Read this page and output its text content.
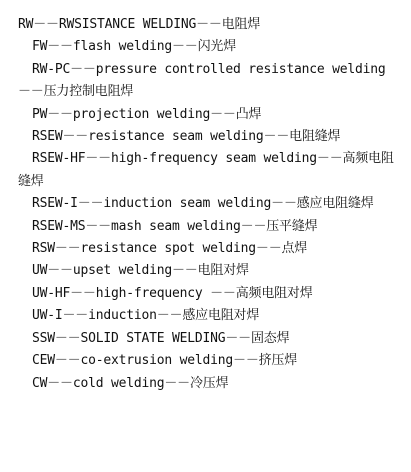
RW－－RWSISTANCE WELDING－－电阻焊

FW－－flash welding－－闪光焊

RW-PC－－pressure controlled resistance welding－－压力控制电阻焊

PW－－projection welding－－凸焊

RSEW－－resistance seam welding－－电阻缝焊

RSEW-HF－－high-frequency seam welding－－高频电阻缝焊

RSEW-I－－induction seam welding－－感应电阻缝焊

RSEW-MS－－mash seam welding－－压平缝焊

RSW－－resistance spot welding－－点焊

UW－－upset welding－－电阻对焊

UW-HF－－high-frequency －－高频电阻对焊

UW-I－－induction－－感应电阻对焊

SSW－－SOLID STATE WELDING－－固态焊

CEW－－co-extrusion welding－－挤压焊

CW－－cold welding－－冷压焊
